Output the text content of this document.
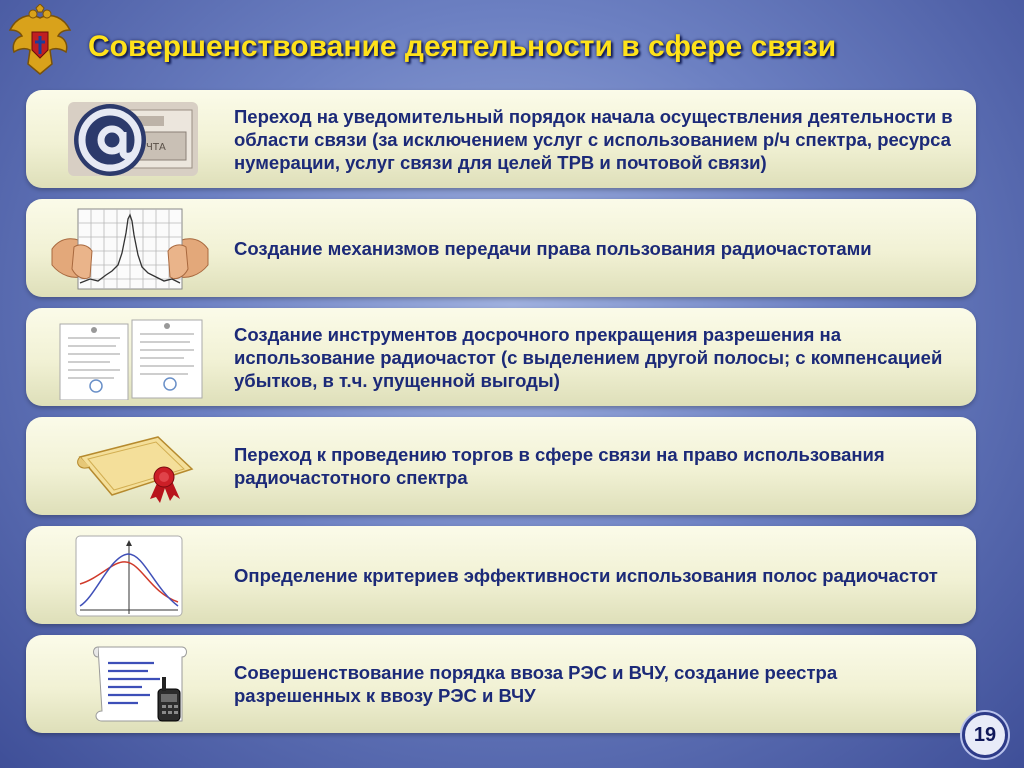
Совершенствование деятельности в сфере связи
ЧТА
Переход на уведомительный порядок начала осуществления деятельности в области связи (за исключением услуг с использованием р/ч спектра, ресурса нумерации, услуг связи для целей ТРВ и почтовой связи)
Создание механизмов передачи права пользования радиочастотами
Создание инструментов досрочного прекращения разрешения на использование радиочастот (с выделением другой полосы; с компенсацией убытков, в т.ч. упущенной выгоды)
Переход к проведению торгов в сфере связи на право использования радиочастотного спектра
Определение критериев эффективности использования полос радиочастот
Совершенствование порядка ввоза РЭС и ВЧУ, создание реестра разрешенных к ввозу РЭС и ВЧУ
19
